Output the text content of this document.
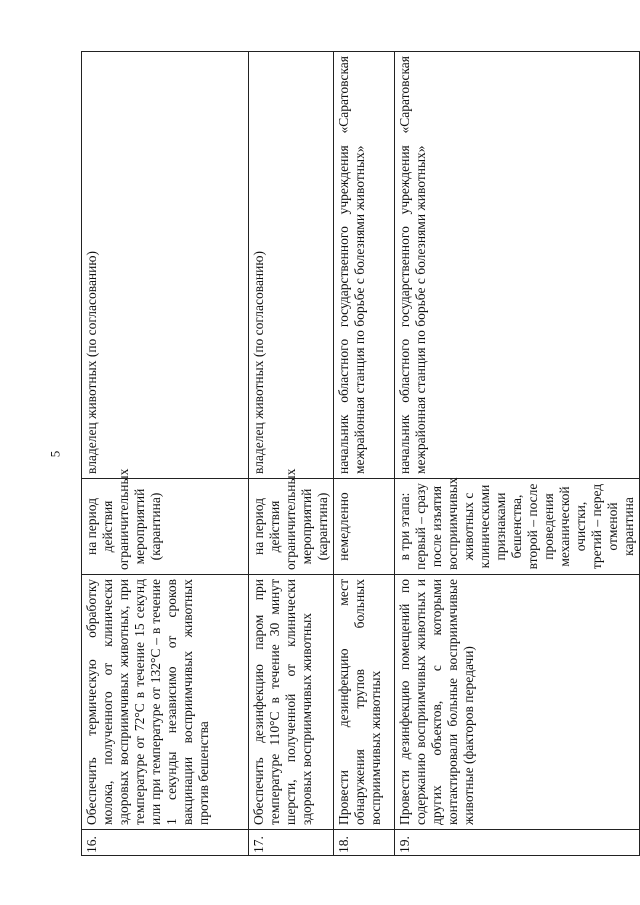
5
16.	Обеспечить термическую обработку молока, полученного от клинически здоровых восприимчивых животных, при температуре от 72°С в течение 15 секунд или при температуре от 132°С – в течение 1 секунды независимо от сроков вакцинации восприимчивых животных против бешенства	на период действия ограничительных мероприятий (карантина)	владелец животных (по согласованию)
17.	Обеспечить дезинфекцию паром при температуре 110°С в течение 30 минут шерсти, полученной от клинически здоровых восприимчивых животных	на период действия ограничительных мероприятий (карантина)	владелец животных (по согласованию)
18.	Провести дезинфекцию мест обнаружения трупов больных восприимчивых животных	немедленно	начальник областного государственного учреждения «Саратовская межрайонная станция по борьбе с болезнями животных»
19.	Провести дезинфекцию помещений по содержанию восприимчивых животных и других объектов, с которыми контактировали больные восприимчивые животные (факторов передачи)	в три этапа: первый – сразу после изъятия восприимчивых животных с клиническими признаками бешенства, второй – после проведения механической очистки, третий – перед отменой карантина	начальник областного государственного учреждения «Саратовская межрайонная станция по борьбе с болезнями животных»
